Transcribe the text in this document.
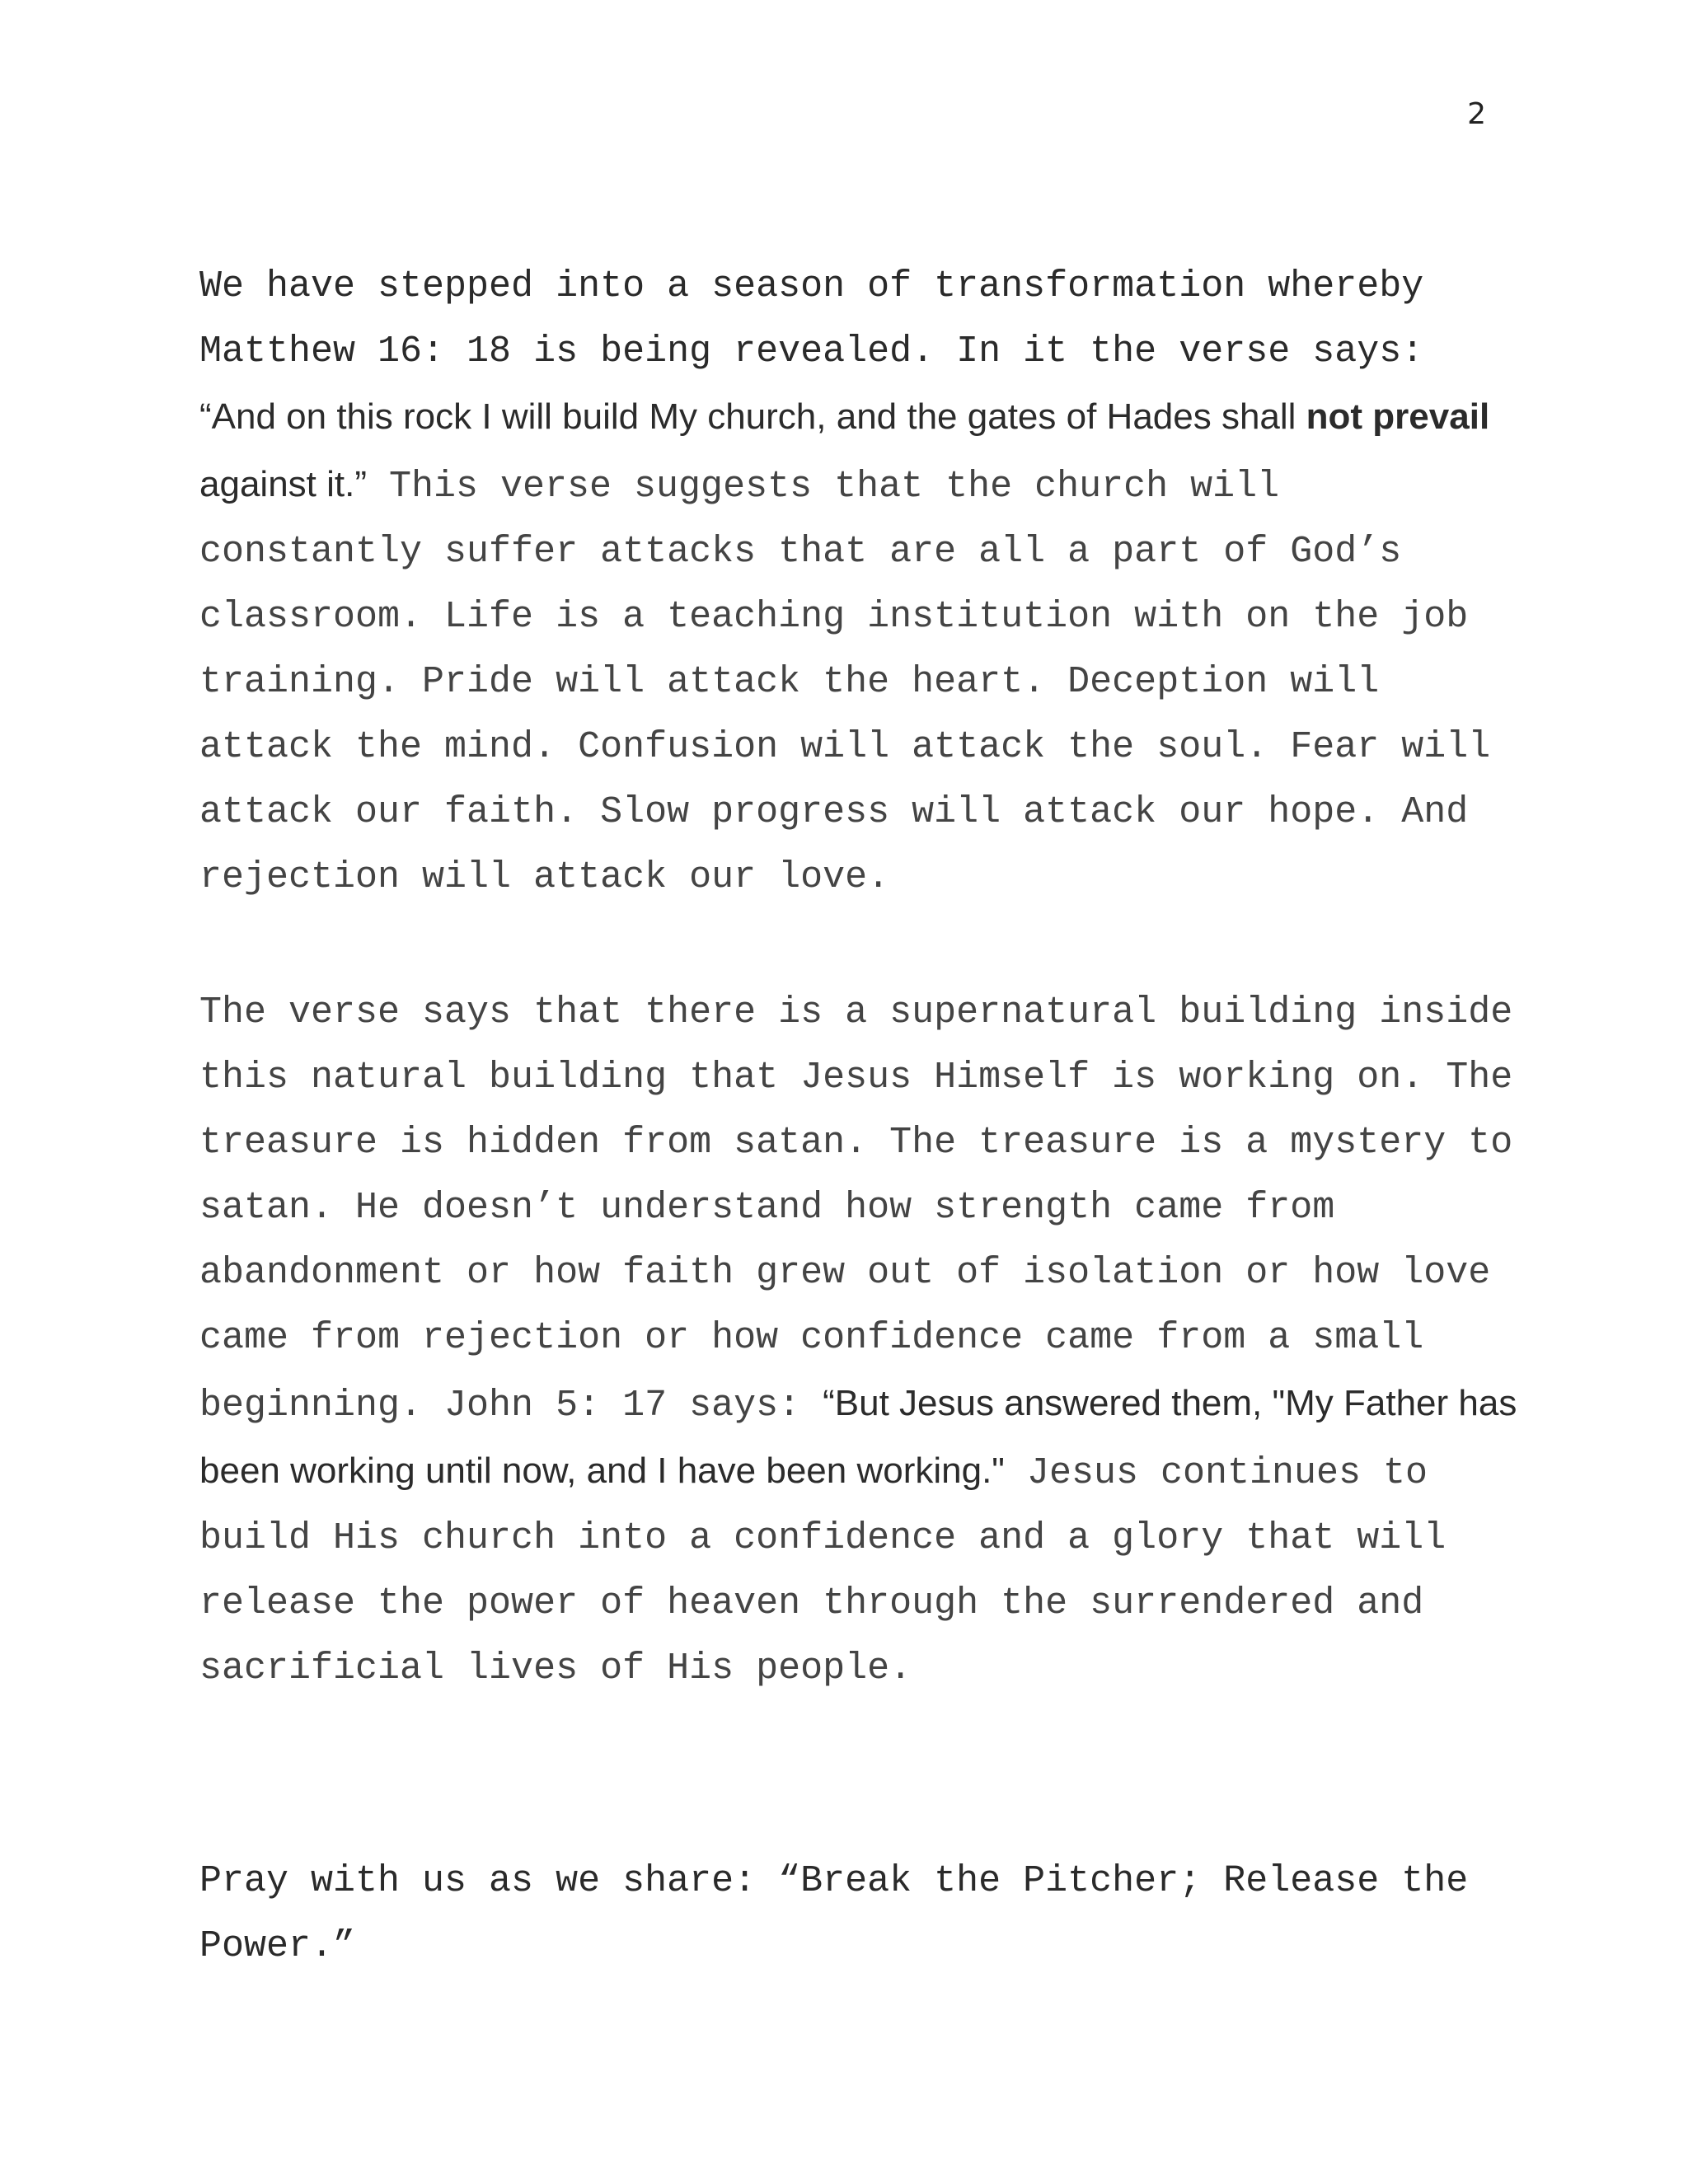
2
We have stepped into a season of transformation whereby Matthew 16: 18 is being revealed. In it the verse says: “And on this rock I will build My church, and the gates of Hades shall not prevail against it.” This verse suggests that the church will constantly suffer attacks that are all a part of God’s classroom. Life is a teaching institution with on the job training. Pride will attack the heart. Deception will attack the mind. Confusion will attack the soul. Fear will attack our faith. Slow progress will attack our hope. And rejection will attack our love.
The verse says that there is a supernatural building inside this natural building that Jesus Himself is working on. The treasure is hidden from satan. The treasure is a mystery to satan. He doesn’t understand how strength came from abandonment or how faith grew out of isolation or how love came from rejection or how confidence came from a small beginning. John 5: 17 says: “But Jesus answered them, "My Father has been working until now, and I have been working." Jesus continues to build His church into a confidence and a glory that will release the power of heaven through the surrendered and sacrificial lives of His people.
Pray with us as we share: “Break the Pitcher; Release the Power.”
